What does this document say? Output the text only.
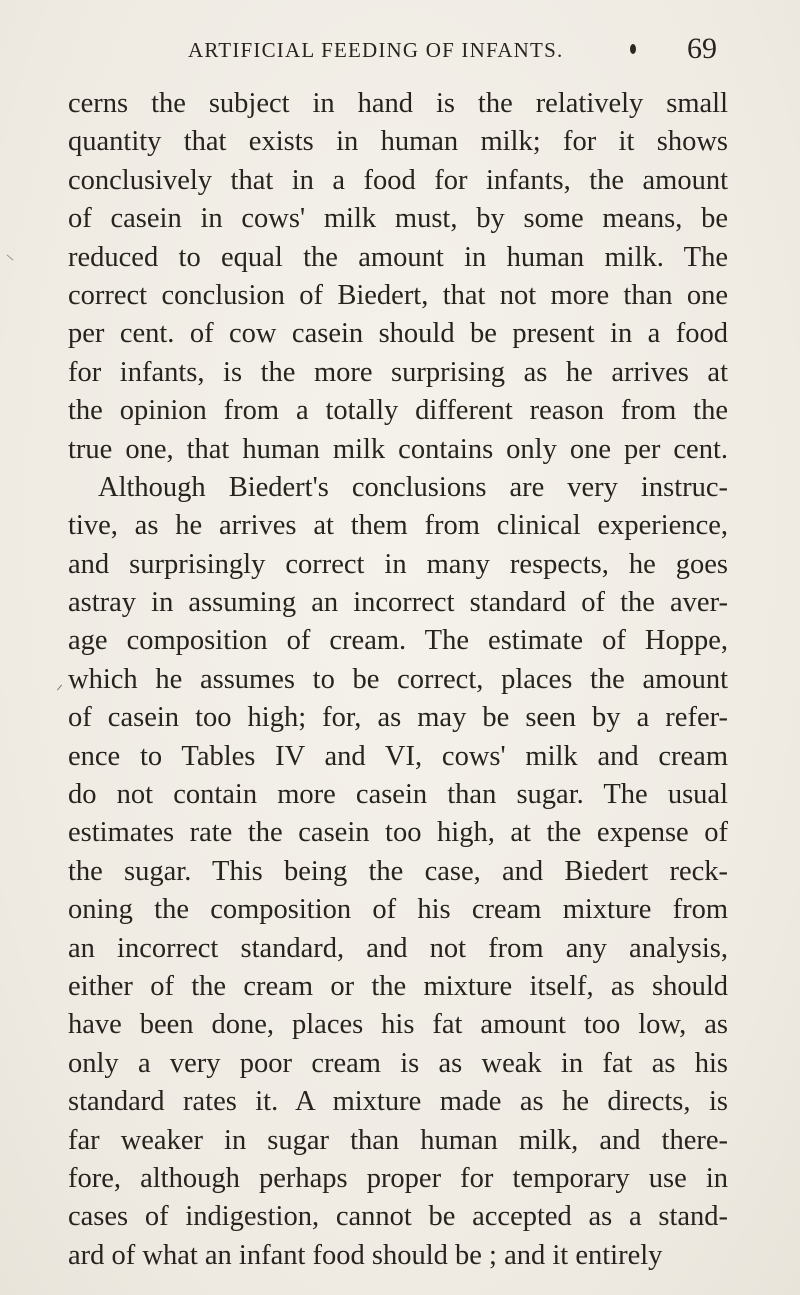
ARTIFICIAL FEEDING OF INFANTS.	69
cerns the subject in hand is the relatively small
quantity that exists in human milk; for it shows
conclusively that in a food for infants, the amount
of casein in cows' milk must, by some means, be
reduced to equal the amount in human milk. The
correct conclusion of Biedert, that not more than one
per cent. of cow casein should be present in a food
for infants, is the more surprising as he arrives at
the opinion from a totally different reason from the
true one, that human milk contains only one per cent.
Although Biedert's conclusions are very instruc-
tive, as he arrives at them from clinical experience,
and surprisingly correct in many respects, he goes
astray in assuming an incorrect standard of the aver-
age composition of cream. The estimate of Hoppe,
which he assumes to be correct, places the amount
of casein too high; for, as may be seen by a refer-
ence to Tables IV and VI, cows' milk and cream
do not contain more casein than sugar. The usual
estimates rate the casein too high, at the expense of
the sugar. This being the case, and Biedert reck-
oning the composition of his cream mixture from
an incorrect standard, and not from any analysis,
either of the cream or the mixture itself, as should
have been done, places his fat amount too low, as
only a very poor cream is as weak in fat as his
standard rates it. A mixture made as he directs, is
far weaker in sugar than human milk, and there-
fore, although perhaps proper for temporary use in
cases of indigestion, cannot be accepted as a stand-
ard of what an infant food should be ; and it entirely
